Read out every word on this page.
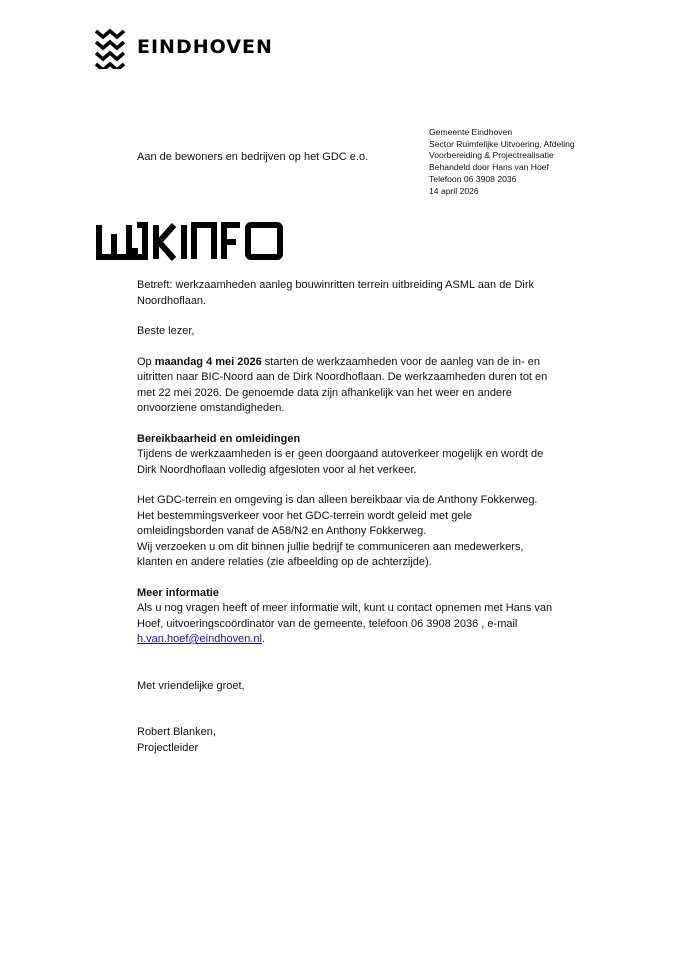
EINDHOVEN
Aan de bewoners en bedrijven op het GDC e.o.
Gemeente Eindhoven
Sector Ruimtelijke Uitvoering, Afdeling
Voorbereiding & Projectrealisatie
Behandeld door Hans van Hoef
Telefoon 06 3908 2036
14 april 2026

Betreft: werkzaamheden aanleg bouwinritten terrein uitbreiding ASML aan de Dirk Noordhoflaan.

Beste lezer,

Op maandag 4 mei 2026 starten de werkzaamheden voor de aanleg van de in- en uitritten naar BIC-Noord aan de Dirk Noordhoflaan. De werkzaamheden duren tot en met 22 mei 2026. De genoemde data zijn afhankelijk van het weer en andere onvoorziene omstandigheden.

Bereikbaarheid en omleidingen

Tijdens de werkzaamheden is er geen doorgaand autoverkeer mogelijk en wordt de Dirk Noordhoflaan volledig afgesloten voor al het verkeer.

Het GDC-terrein en omgeving is dan alleen bereikbaar via de Anthony Fokkerweg. Het bestemmingsverkeer voor het GDC-terrein wordt geleid met gele omleidingsborden vanaf de A58/N2 en Anthony Fokkerweg.

Wij verzoeken u om dit binnen jullie bedrijf te communiceren aan medewerkers, klanten en andere relaties (zie afbeelding op de achterzijde).

Meer informatie

Als u nog vragen heeft of meer informatie wilt, kunt u contact opnemen met Hans van Hoef, uitvoeringscoördinator van de gemeente, telefoon 06 3908 2036 , e-mail
h.van.hoef@eindhoven.nl.

Met vriendelijke groet,

Robert Blanken,

Projectleider
